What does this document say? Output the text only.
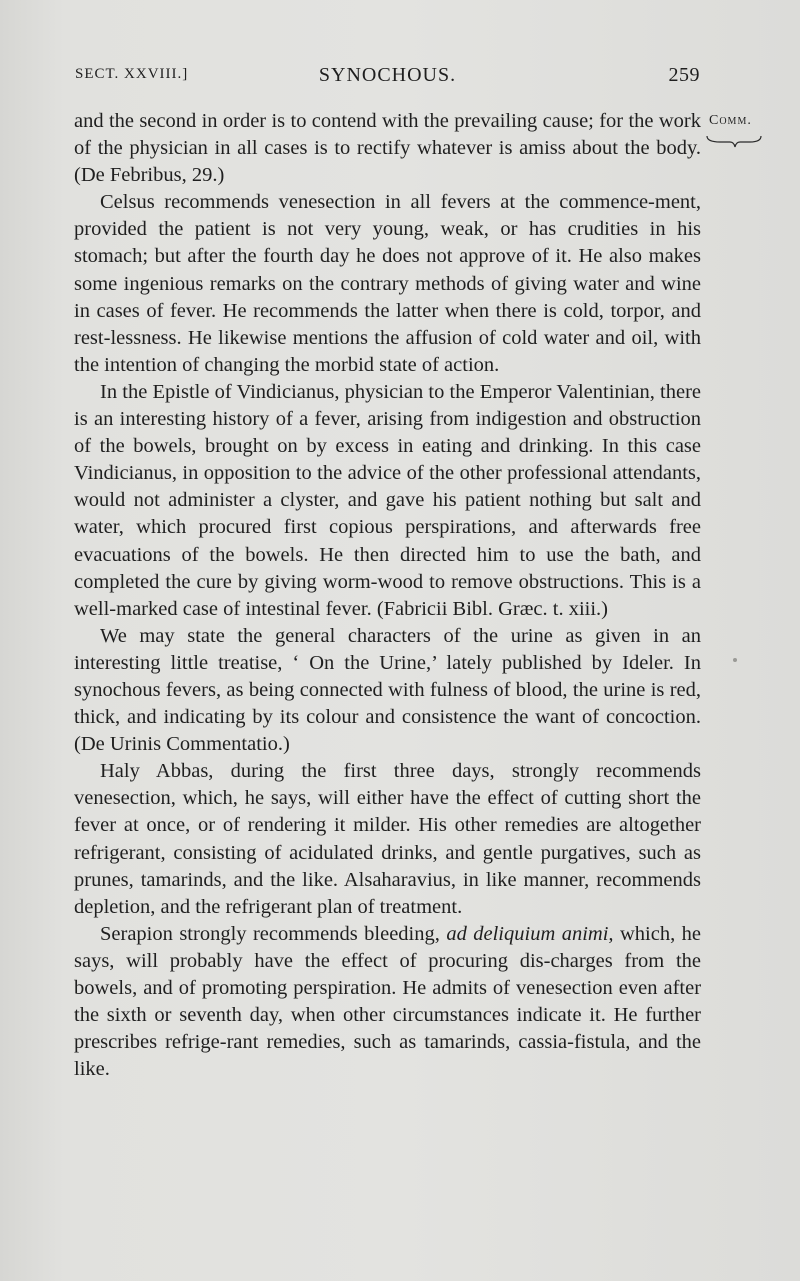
SECT. XXVIII.]	SYNOCHOUS.	259
Comm.

and the second in order is to contend with the prevailing cause; for the work of the physician in all cases is to rectify whatever is amiss about the body. (De Febribus, 29.)

Celsus recommends venesection in all fevers at the commence-ment, provided the patient is not very young, weak, or has crudities in his stomach; but after the fourth day he does not approve of it. He also makes some ingenious remarks on the contrary methods of giving water and wine in cases of fever. He recommends the latter when there is cold, torpor, and rest-lessness. He likewise mentions the affusion of cold water and oil, with the intention of changing the morbid state of action.

In the Epistle of Vindicianus, physician to the Emperor Valentinian, there is an interesting history of a fever, arising from indigestion and obstruction of the bowels, brought on by excess in eating and drinking. In this case Vindicianus, in opposition to the advice of the other professional attendants, would not administer a clyster, and gave his patient nothing but salt and water, which procured first copious perspirations, and afterwards free evacuations of the bowels. He then directed him to use the bath, and completed the cure by giving worm-wood to remove obstructions. This is a well-marked case of intestinal fever. (Fabricii Bibl. Græc. t. xiii.)

We may state the general characters of the urine as given in an interesting little treatise, ‘ On the Urine,’ lately published by Ideler. In synochous fevers, as being connected with fulness of blood, the urine is red, thick, and indicating by its colour and consistence the want of concoction. (De Urinis Commentatio.)

Haly Abbas, during the first three days, strongly recommends venesection, which, he says, will either have the effect of cutting short the fever at once, or of rendering it milder. His other remedies are altogether refrigerant, consisting of acidulated drinks, and gentle purgatives, such as prunes, tamarinds, and the like. Alsaharavius, in like manner, recommends depletion, and the refrigerant plan of treatment.

Serapion strongly recommends bleeding, ad deliquium animi, which, he says, will probably have the effect of procuring dis-charges from the bowels, and of promoting perspiration. He admits of venesection even after the sixth or seventh day, when other circumstances indicate it. He further prescribes refrige-rant remedies, such as tamarinds, cassia-fistula, and the like.
